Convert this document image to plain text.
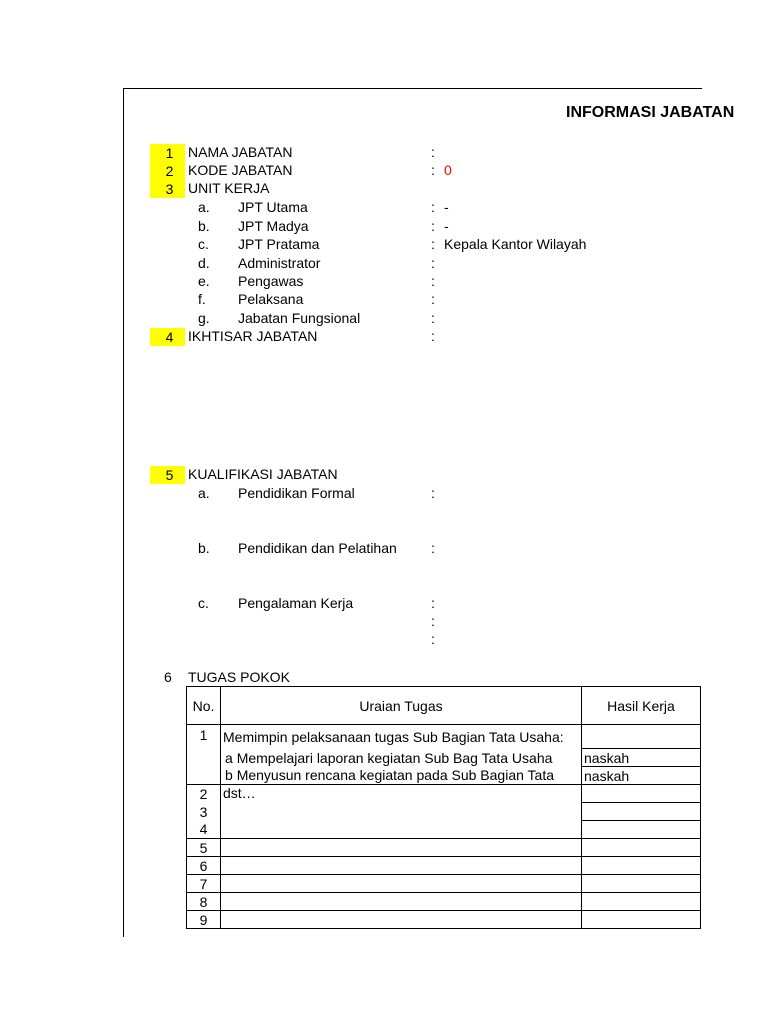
INFORMASI JABATAN
1	NAMA JABATAN	:
2	KODE JABATAN	: 0
3	UNIT KERJA
a. JPT Utama	: -
b. JPT Madya	: -
c. JPT Pratama	: Kepala Kantor Wilayah
d. Administrator	:
e. Pengawas	:
f. Pelaksana	:
g. Jabatan Fungsional	:
4	IKHTISAR JABATAN	:
5	KUALIFIKASI JABATAN
a. Pendidikan Formal	:
b. Pendidikan dan Pelatihan :
c. Pengalaman Kerja	:
:
:
6 TUGAS POKOK
No.	Uraian Tugas	Hasil Kerja
1	Memimpin pelaksanaan tugas Sub Bagian Tata Usaha:	
	a Mempelajari laporan kegiatan Sub Bag Tata Usaha	naskah
	b Menyusun rencana kegiatan pada Sub Bagian Tata	naskah
2	dst…	
3		
4		
5		
6		
7		
8		
9		
